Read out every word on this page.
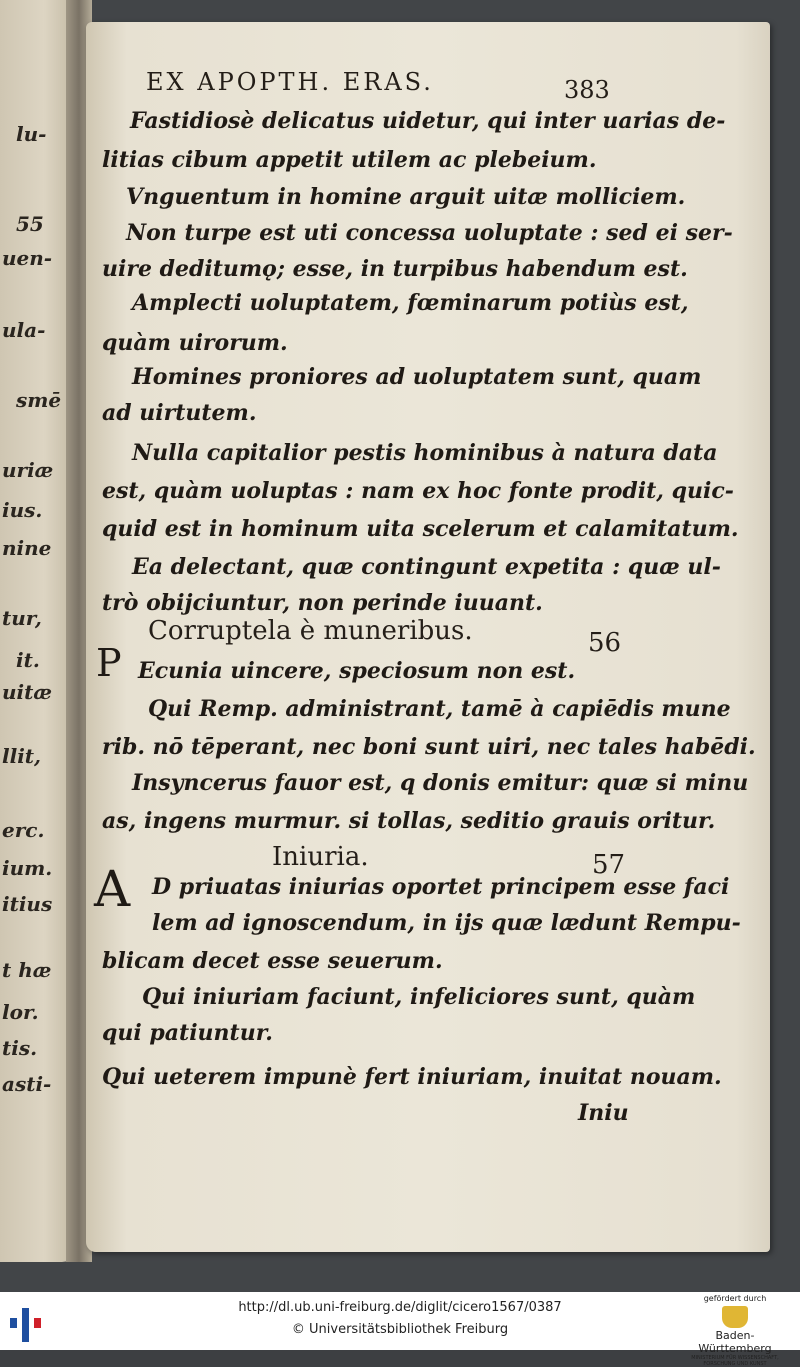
lu-
55
uen-
ula-
smē
uriæ
ius.
nine
tur,
it.
uitæ
llit,
erc.
ium.
itius
t hæ
lor.
tis.
asti-
EX APOPTH. ERAS.	383
Fastidiosè delicatus uidetur, qui inter uarias de-
litias cibum appetit utilem ac plebeium.
Vnguentum in homine arguit uitæ molliciem.
Non turpe est uti concessa uoluptate : sed ei ser-
uire deditumǫ; esse, in turpibus habendum est.
Amplecti uoluptatem, fœminarum potiùs est,
quàm uirorum.
Homines proniores ad uoluptatem sunt, quam
ad uirtutem.
Nulla capitalior pestis hominibus à natura data
est, quàm uoluptas : nam ex hoc fonte prodit, quic-
quid est in hominum uita scelerum et calamitatum.
Ea delectant, quæ contingunt expetita : quæ ul-
trò obijciuntur, non perinde iuuant.
Corruptela è muneribus.	56
P Ecunia uincere, speciosum non est.
Qui Remp. administrant, tamē à capiēdis mune
rib. nō tēperant, nec boni sunt uiri, nec tales habēdi.
Insyncerus fauor est, q donis emitur: quæ si minu
as, ingens murmur. si tollas, seditio grauis oritur.
Iniuria.	57
A D priuatas iniurias oportet principem esse faci
lem ad ignoscendum, in ijs quæ lædunt Rempu-
blicam decet esse seuerum.
Qui iniuriam faciunt, infeliciores sunt, quàm
qui patiuntur.
Qui ueterem impunè fert iniuriam, inuitat nouam.
Iniu
http://dl.ub.uni-freiburg.de/diglit/cicero1567/0387
© Universitätsbibliothek Freiburg
gefördert durch
Baden-Württemberg
MINISTERIUM FÜR WISSENSCHAFT, FORSCHUNG UND KUNST
